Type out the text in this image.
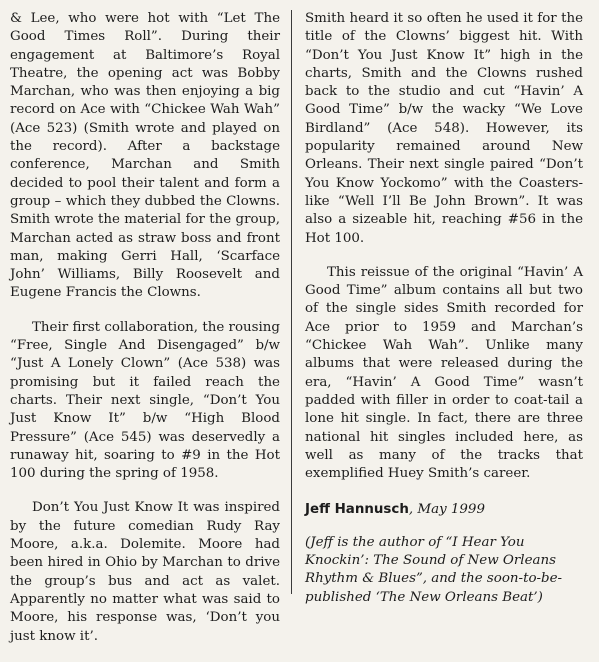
& Lee, who were hot with “Let The Good Times Roll”. During their engagement at Baltimore’s Royal Theatre, the opening act was Bobby Marchan, who was then enjoying a big record on Ace with “Chickee Wah Wah” (Ace 523) (Smith wrote and played on the record). After a backstage conference, Marchan and Smith decided to pool their talent and form a group – which they dubbed the Clowns. Smith wrote the material for the group, Marchan acted as straw boss and front man, making Gerri Hall, ‘Scarface John’ Williams, Billy Roosevelt and Eugene Francis the Clowns.

Their first collaboration, the rousing “Free, Single And Disengaged” b/w “Just A Lonely Clown” (Ace 538) was promising but it failed reach the charts. Their next single, “Don’t You Just Know It” b/w “High Blood Pressure” (Ace 545) was deservedly a runaway hit, soaring to #9 in the Hot 100 during the spring of 1958.

Don’t You Just Know It was inspired by the future comedian Rudy Ray Moore, a.k.a. Dolemite. Moore had been hired in Ohio by Marchan to drive the group’s bus and act as valet. Apparently no matter what was said to Moore, his response was, ‘Don’t you just know it’.

Smith heard it so often he used it for the title of the Clowns’ biggest hit. With “Don’t You Just Know It” high in the charts, Smith and the Clowns rushed back to the studio and cut “Havin’ A Good Time” b/w the wacky “We Love Birdland” (Ace 548). However, its popularity remained around New Orleans. Their next single paired “Don’t You Know Yockomo” with the Coasters-like “Well I’ll Be John Brown”. It was also a sizeable hit, reaching #56 in the Hot 100.

This reissue of the original “Havin’ A Good Time” album contains all but two of the single sides Smith recorded for Ace prior to 1959 and Marchan’s “Chickee Wah Wah”. Unlike many albums that were released during the era, “Havin’ A Good Time” wasn’t padded with filler in order to coat-tail a lone hit single. In fact, there are three national hit singles included here, as well as many of the tracks that exemplified Huey Smith’s career.

Jeff Hannusch, May 1999

(Jeff is the author of “I Hear You Knockin’: The Sound of New Orleans Rhythm & Blues”, and the soon-to-be-published ‘The New Orleans Beat’)
